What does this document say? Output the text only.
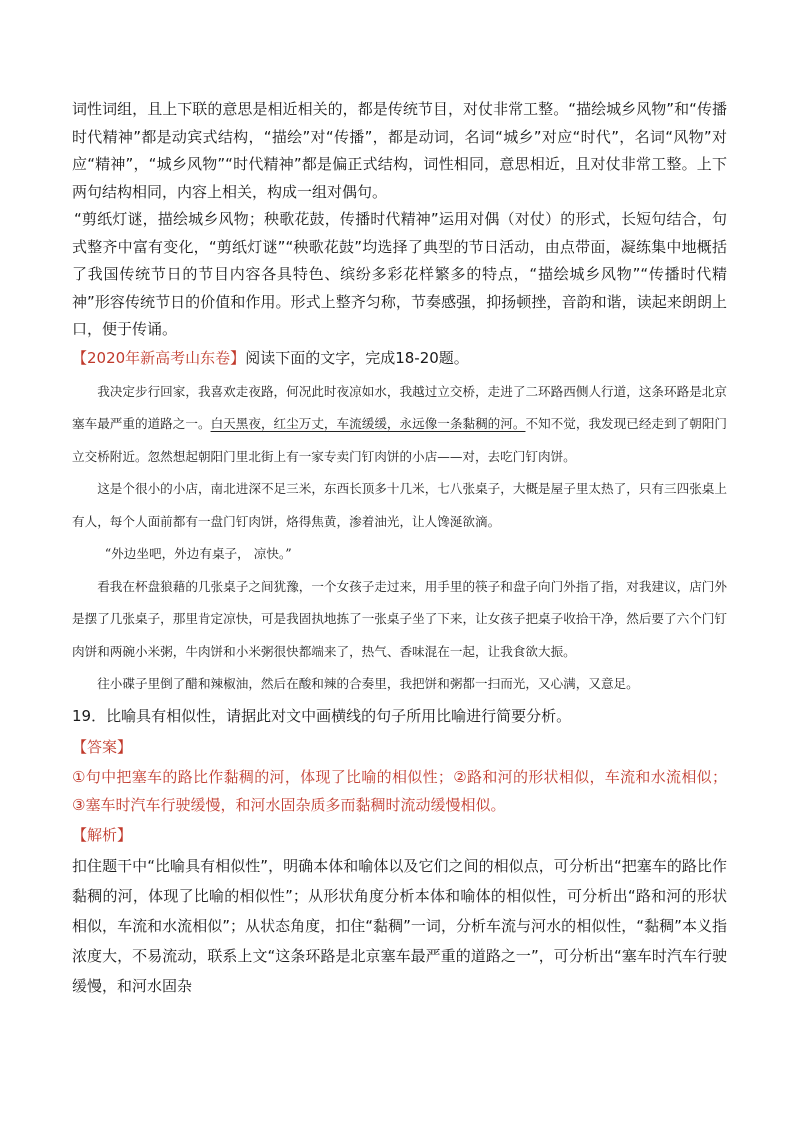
词性词组，且上下联的意思是相近相关的，都是传统节目，对仗非常工整。“描绘城乡风物”和“传播时代精神”都是动宾式结构，“描绘”对“传播”，都是动词，名词“城乡”对应“时代”，名词“风物”对应“精神”，“城乡风物”“时代精神”都是偏正式结构，词性相同，意思相近，且对仗非常工整。上下两句结构相同，内容上相关，构成一组对偶句。

“剪纸灯谜，描绘城乡风物；秧歌花鼓，传播时代精神”运用对偶（对仗）的形式，长短句结合，句式整齐中富有变化，“剪纸灯谜”“秧歌花鼓”均选择了典型的节日活动，由点带面，凝练集中地概括了我国传统节日的节目内容各具特色、缤纷多彩花样繁多的特点，“描绘城乡风物”“传播时代精神”形容传统节日的价值和作用。形式上整齐匀称，节奏感强，抑扬顿挫，音韵和谐，读起来朗朗上口，便于传诵。

【2020年新高考山东卷】阅读下面的文字，完成18-20题。

我决定步行回家，我喜欢走夜路，何况此时夜凉如水，我越过立交桥，走进了二环路西侧人行道，这条环路是北京塞车最严重的道路之一。白天黑夜，红尘万丈，车流缓缓，永远像一条黏稠的河。不知不觉，我发现已经走到了朝阳门立交桥附近。忽然想起朝阳门里北街上有一家专卖门钉肉饼的小店——对，去吃门钉肉饼。

这是个很小的小店，南北进深不足三米，东西长顶多十几米，七八张桌子，大概是屋子里太热了，只有三四张桌上有人，每个人面前都有一盘门钉肉饼，烙得焦黄，渗着油光，让人馋涎欲滴。

“外边坐吧，外边有桌子， 凉快。”

看我在杯盘狼藉的几张桌子之间犹豫，一个女孩子走过来，用手里的筷子和盘子向门外指了指，对我建议，店门外是摆了几张桌子，那里肯定凉快，可是我固执地拣了一张桌子坐了下来，让女孩子把桌子收拾干净，然后要了六个门钉肉饼和两碗小米粥，牛肉饼和小米粥很快都端来了，热气、香味混在一起，让我食欲大振。

往小碟子里倒了醋和辣椒油，然后在酸和辣的合奏里，我把饼和粥都一扫而光，又心满，又意足。

19．比喻具有相似性，请据此对文中画横线的句子所用比喻进行简要分析。

【答案】

①句中把塞车的路比作黏稠的河，体现了比喻的相似性；②路和河的形状相似，车流和水流相似；③塞车时汽车行驶缓慢，和河水固杂质多而黏稠时流动缓慢相似。

【解析】

扣住题干中“比喻具有相似性”，明确本体和喻体以及它们之间的相似点，可分析出“把塞车的路比作黏稠的河，体现了比喻的相似性”；从形状角度分析本体和喻体的相似性，可分析出“路和河的形状相似，车流和水流相似”；从状态角度，扣住“黏稠”一词，分析车流与河水的相似性，“黏稠”本义指浓度大，不易流动，联系上文“这条环路是北京塞车最严重的道路之一”，可分析出“塞车时汽车行驶缓慢，和河水固杂
